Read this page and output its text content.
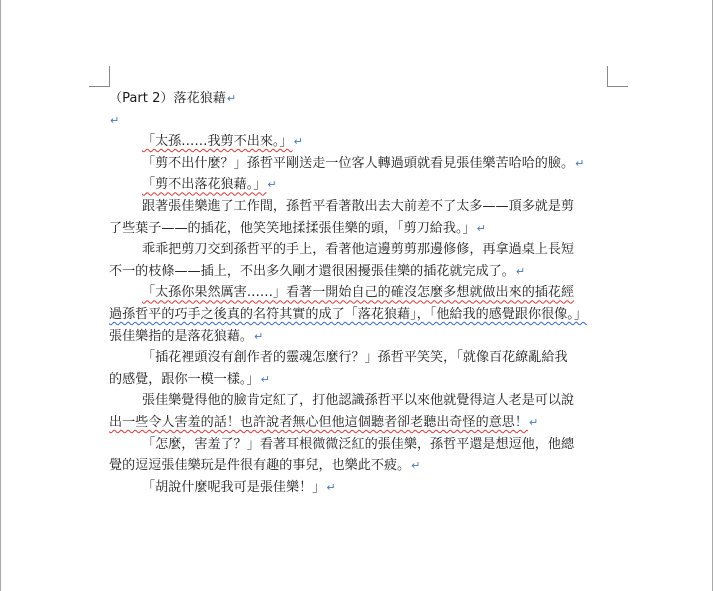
（Part 2）落花狼藉↵
↵
「太孫……我剪不出來。」↵
「剪不出什麼？」孫哲平剛送走一位客人轉過頭就看見張佳樂苦哈哈的臉。↵
「剪不出落花狼藉。」↵
跟著張佳樂進了工作間，孫哲平看著散出去大前差不了太多——頂多就是剪
了些葉子——的插花，他笑笑地揉揉張佳樂的頭，「剪刀給我。」↵
乖乖把剪刀交到孫哲平的手上，看著他這邊剪剪那邊修修，再拿過桌上長短
不一的枝條——插上，不出多久剛才還很困擾張佳樂的插花就完成了。↵
「太孫你果然厲害……」看著一開始自己的確沒怎麼多想就做出來的插花經
過孫哲平的巧手之後真的名符其實的成了「落花狼藉」，「他給我的感覺跟你很像。」
張佳樂指的是落花狼藉。↵
「插花裡頭沒有創作者的靈魂怎麼行？」孫哲平笑笑，「就像百花繚亂給我
的感覺，跟你一模一樣。」↵
張佳樂覺得他的臉肯定紅了，打他認識孫哲平以來他就覺得這人老是可以說
出一些令人害羞的話！也許說者無心但他這個聽者卻老聽出奇怪的意思！↵
「怎麼，害羞了？」看著耳根微微泛紅的張佳樂，孫哲平還是想逗他，他總
覺的逗逗張佳樂玩是件很有趣的事兒，也樂此不疲。↵
「胡說什麼呢我可是張佳樂！」↵
